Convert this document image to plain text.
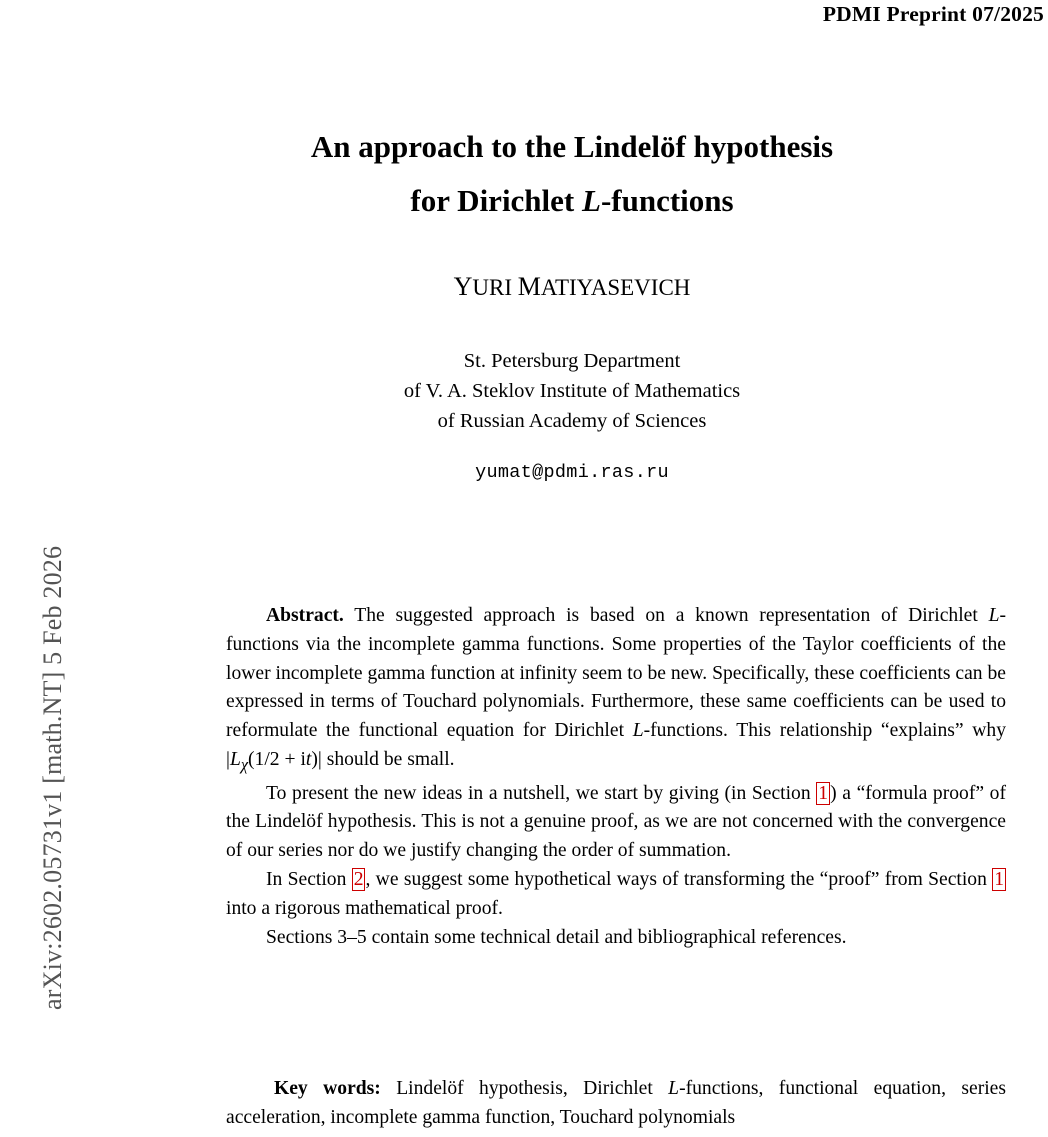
arXiv:2602.05731v1 [math.NT] 5 Feb 2026
PDMI Preprint 07/2025
An approach to the Lindelöf hypothesis
for Dirichlet L-functions
YURI MATIYASEVICH
St. Petersburg Department
of V. A. Steklov Institute of Mathematics
of Russian Academy of Sciences
yumat@pdmi.ras.ru

Abstract. The suggested approach is based on a known representation of Dirichlet L-functions via the incomplete gamma functions. Some properties of the Taylor coefficients of the lower incomplete gamma function at infinity seem to be new. Specifically, these coefficients can be expressed in terms of Touchard polynomials. Furthermore, these same coefficients can be used to reformulate the functional equation for Dirichlet L-functions. This relationship “explains” why $|L_\chi(1/2 + it)|$ should be small.

To present the new ideas in a nutshell, we start by giving (in Section 1 ) a “formula proof” of the Lindelöf hypothesis. This is not a genuine proof, as we are not concerned with the convergence of our series nor do we justify changing the order of summation.

In Section 2 , we suggest some hypothetical ways of transforming the “proof” from Section 1 into a rigorous mathematical proof.

Sections 3–5 contain some technical detail and bibliographical references.

Key words: Lindelöf hypothesis, Dirichlet L-functions, functional equation, series acceleration, incomplete gamma function, Touchard polynomials
